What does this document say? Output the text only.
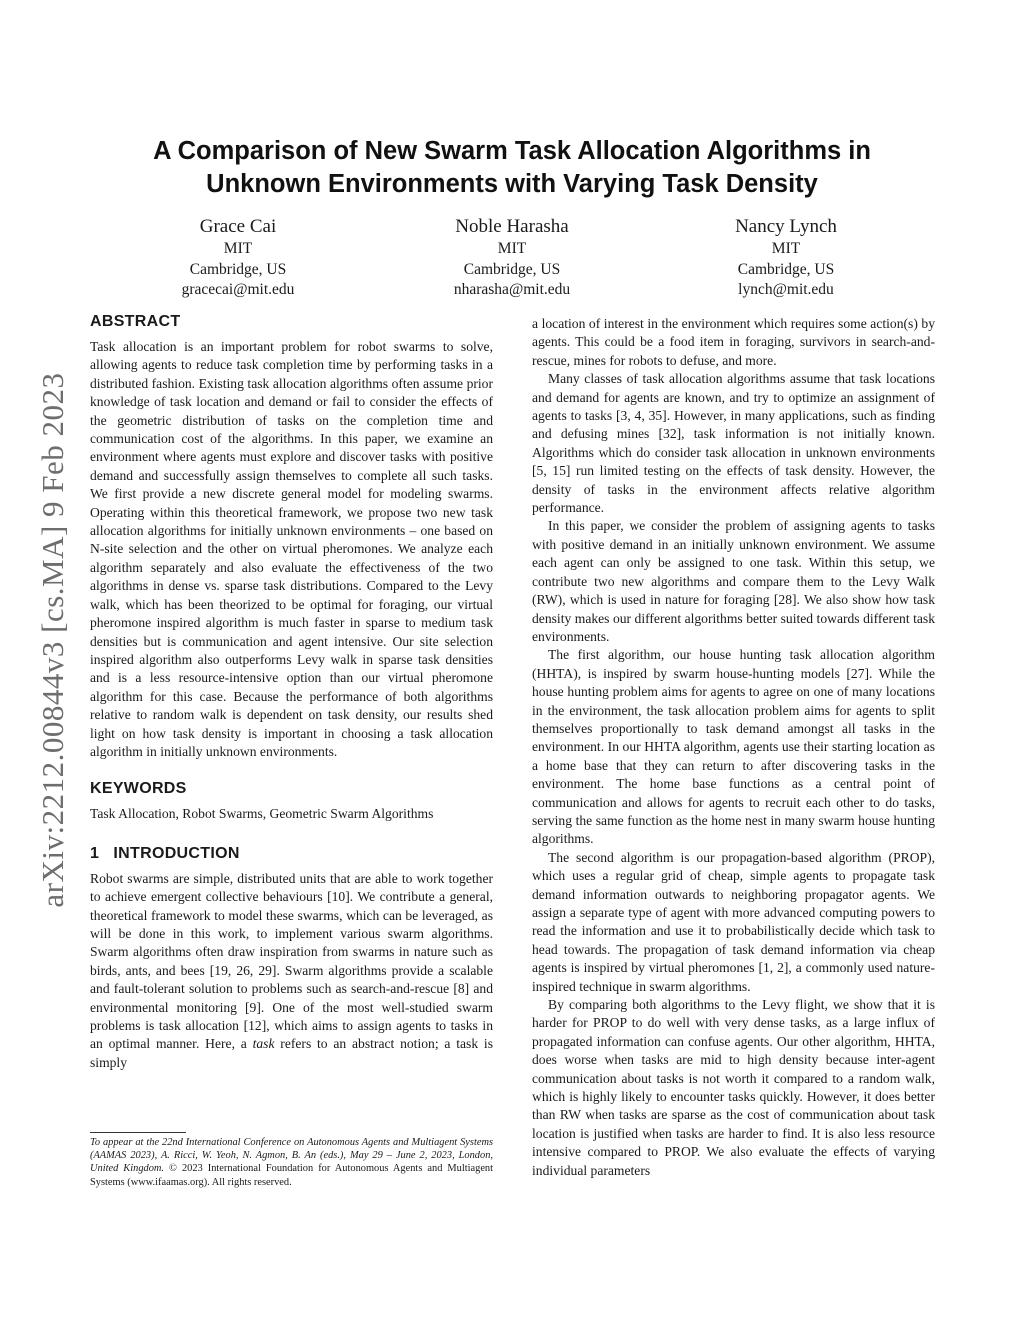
arXiv:2212.00844v3 [cs.MA] 9 Feb 2023
A Comparison of New Swarm Task Allocation Algorithms in
Unknown Environments with Varying Task Density
Grace Cai
MIT
Cambridge, US
gracecai@mit.edu
Noble Harasha
MIT
Cambridge, US
nharasha@mit.edu
Nancy Lynch
MIT
Cambridge, US
lynch@mit.edu
ABSTRACT

Task allocation is an important problem for robot swarms to solve, allowing agents to reduce task completion time by performing tasks in a distributed fashion. Existing task allocation algorithms often assume prior knowledge of task location and demand or fail to consider the effects of the geometric distribution of tasks on the completion time and communication cost of the algorithms. In this paper, we examine an environment where agents must explore and discover tasks with positive demand and successfully assign themselves to complete all such tasks. We first provide a new discrete general model for modeling swarms. Operating within this theoretical framework, we propose two new task allocation algorithms for initially unknown environments – one based on N-site selection and the other on virtual pheromones. We analyze each algorithm separately and also evaluate the effectiveness of the two algorithms in dense vs. sparse task distributions. Compared to the Levy walk, which has been theorized to be optimal for foraging, our virtual pheromone inspired algorithm is much faster in sparse to medium task densities but is communication and agent intensive. Our site selection inspired algorithm also outperforms Levy walk in sparse task densities and is a less resource-intensive option than our virtual pheromone algorithm for this case. Because the performance of both algorithms relative to random walk is dependent on task density, our results shed light on how task density is important in choosing a task allocation algorithm in initially unknown environments.

KEYWORDS

Task Allocation, Robot Swarms, Geometric Swarm Algorithms

1   INTRODUCTION

Robot swarms are simple, distributed units that are able to work together to achieve emergent collective behaviours [10]. We contribute a general, theoretical framework to model these swarms, which can be leveraged, as will be done in this work, to implement various swarm algorithms. Swarm algorithms often draw inspiration from swarms in nature such as birds, ants, and bees [19, 26, 29]. Swarm algorithms provide a scalable and fault-tolerant solution to problems such as search-and-rescue [8] and environmental monitoring [9]. One of the most well-studied swarm problems is task allocation [12], which aims to assign agents to tasks in an optimal manner. Here, a task refers to an abstract notion; a task is simply

a location of interest in the environment which requires some action(s) by agents. This could be a food item in foraging, survivors in search-and-rescue, mines for robots to defuse, and more.

Many classes of task allocation algorithms assume that task locations and demand for agents are known, and try to optimize an assignment of agents to tasks [3, 4, 35]. However, in many applications, such as finding and defusing mines [32], task information is not initially known. Algorithms which do consider task allocation in unknown environments [5, 15] run limited testing on the effects of task density. However, the density of tasks in the environment affects relative algorithm performance.

In this paper, we consider the problem of assigning agents to tasks with positive demand in an initially unknown environment. We assume each agent can only be assigned to one task. Within this setup, we contribute two new algorithms and compare them to the Levy Walk (RW), which is used in nature for foraging [28]. We also show how task density makes our different algorithms better suited towards different task environments.

The first algorithm, our house hunting task allocation algorithm (HHTA), is inspired by swarm house-hunting models [27]. While the house hunting problem aims for agents to agree on one of many locations in the environment, the task allocation problem aims for agents to split themselves proportionally to task demand amongst all tasks in the environment. In our HHTA algorithm, agents use their starting location as a home base that they can return to after discovering tasks in the environment. The home base functions as a central point of communication and allows for agents to recruit each other to do tasks, serving the same function as the home nest in many swarm house hunting algorithms.

The second algorithm is our propagation-based algorithm (PROP), which uses a regular grid of cheap, simple agents to propagate task demand information outwards to neighboring propagator agents. We assign a separate type of agent with more advanced computing powers to read the information and use it to probabilistically decide which task to head towards. The propagation of task demand information via cheap agents is inspired by virtual pheromones [1, 2], a commonly used nature-inspired technique in swarm algorithms.

By comparing both algorithms to the Levy flight, we show that it is harder for PROP to do well with very dense tasks, as a large influx of propagated information can confuse agents. Our other algorithm, HHTA, does worse when tasks are mid to high density because inter-agent communication about tasks is not worth it compared to a random walk, which is highly likely to encounter tasks quickly. However, it does better than RW when tasks are sparse as the cost of communication about task location is justified when tasks are harder to find. It is also less resource intensive compared to PROP. We also evaluate the effects of varying individual parameters

To appear at the 22nd International Conference on Autonomous Agents and Multiagent Systems (AAMAS 2023), A. Ricci, W. Yeoh, N. Agmon, B. An (eds.), May 29 – June 2, 2023, London, United Kingdom. © 2023 International Foundation for Autonomous Agents and Multiagent Systems (www.ifaamas.org). All rights reserved.
